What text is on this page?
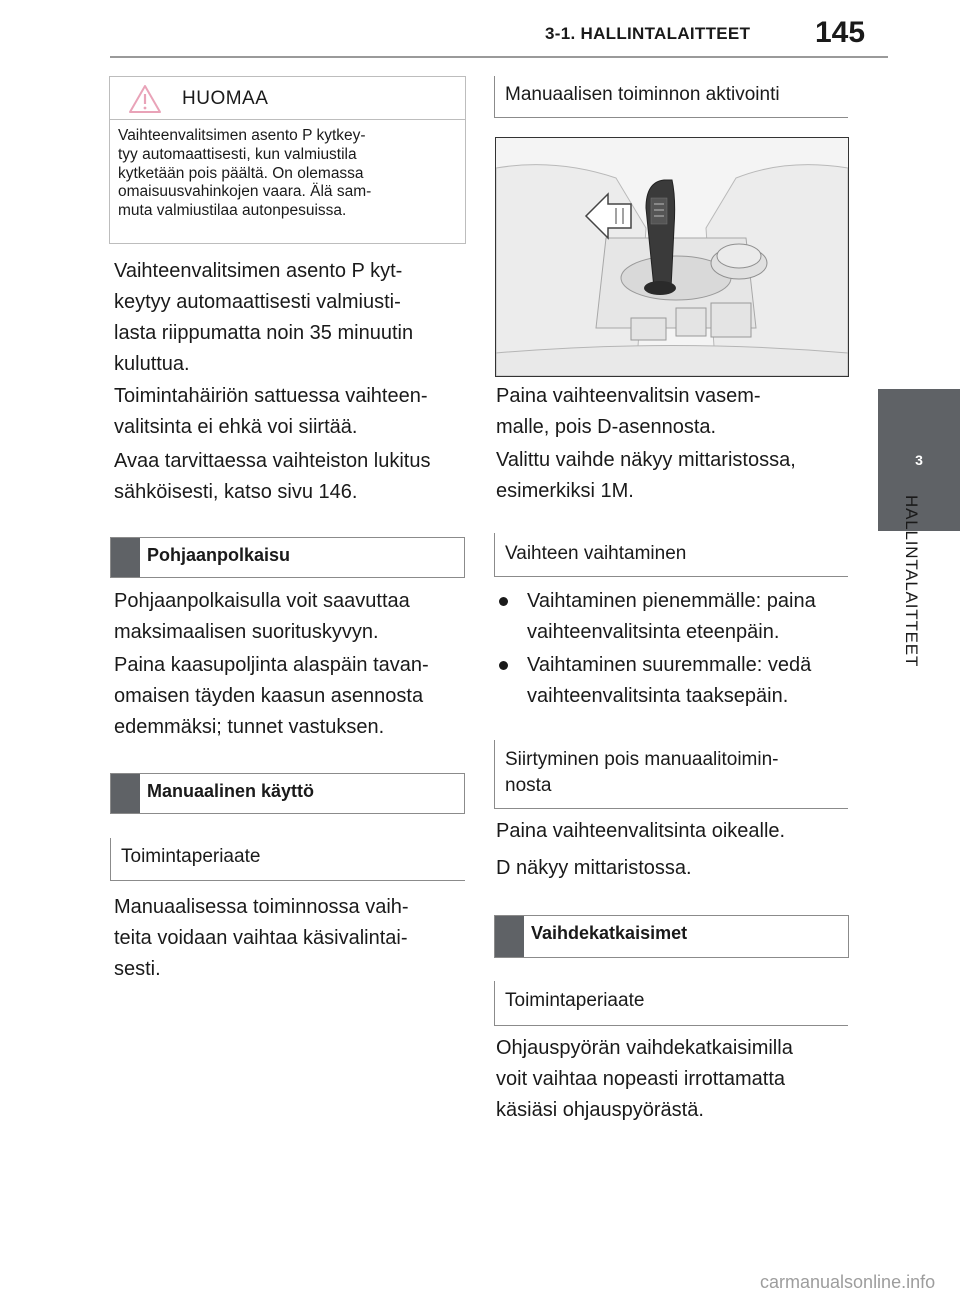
3-1. HALLINTALAITTEET 145
3
HALLINTALAITTEET
HUOMAA
Vaihteenvalitsimen asento P kytkey-
tyy automaattisesti, kun valmiustila
kytketään pois päältä. On olemassa
omaisuusvahinkojen vaara. Älä sam-
muta valmiustilaa autonpesuissa.

Vaihteenvalitsimen asento P kyt-

keytyy automaattisesti valmiusti-

lasta riippumatta noin 35 minuutin

kuluttua.

Toimintahäiriön sattuessa vaihteen-

valitsinta ei ehkä voi siirtää.

Avaa tarvittaessa vaihteiston lukitus

sähköisesti, katso sivu 146.

Pohjaanpolkaisu

Pohjaanpolkaisulla voit saavuttaa

maksimaalisen suorituskyvyn.

Paina kaasupoljinta alaspäin tavan-

omaisen täyden kaasun asennosta

edemmäksi; tunnet vastuksen.

Manuaalinen käyttö
Toimintaperiaate

Manuaalisessa toiminnossa vaih-

teita voidaan vaihtaa käsivalintai-

sesti.

Manuaalisen toiminnon aktivointi

Paina vaihteenvalitsin vasem-

malle, pois D-asennosta.

Valittu vaihde näkyy mittaristossa,

esimerkiksi 1M.

Vaihteen vaihtaminen
Vaihtaminen pienemmälle: paina
vaihteenvalitsinta eteenpäin.
Vaihtaminen suuremmalle: vedä
vaihteenvalitsinta taaksepäin.
Siirtyminen pois manuaalitoimin-
nosta

Paina vaihteenvalitsinta oikealle.

D näkyy mittaristossa.

Vaihdekatkaisimet
Toimintaperiaate

Ohjauspyörän vaihdekatkaisimilla

voit vaihtaa nopeasti irrottamatta

käsiäsi ohjauspyörästä.

carmanualsonline.info
